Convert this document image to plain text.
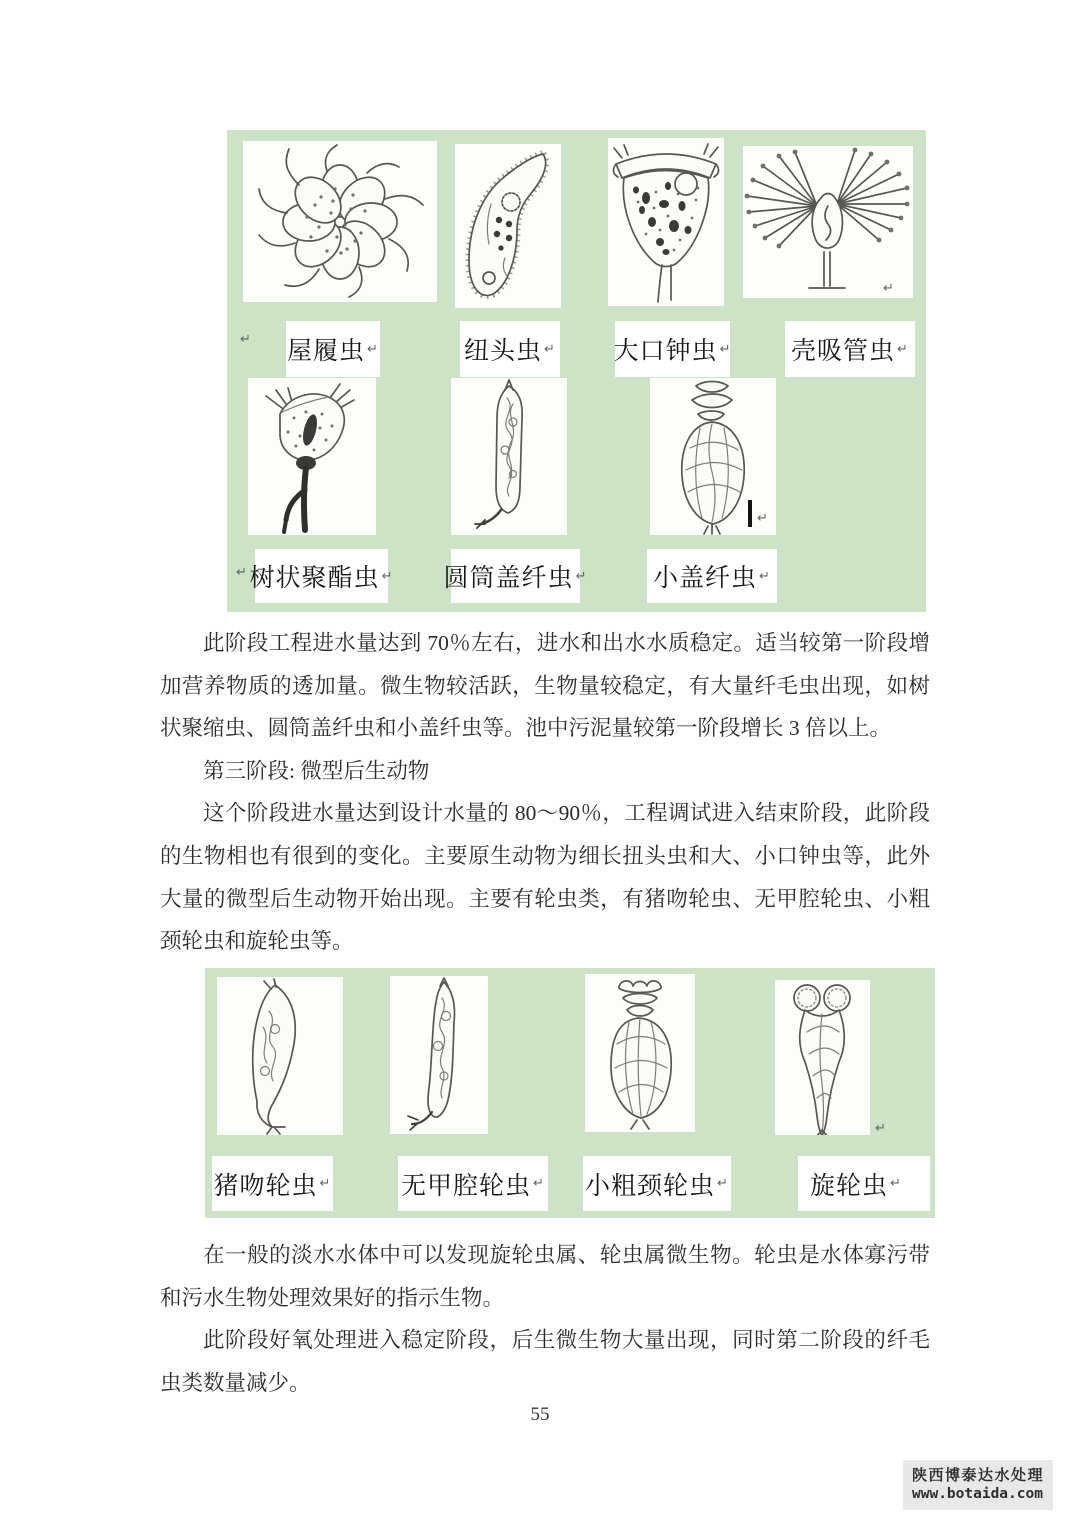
屋履虫 ↵	纽头虫 ↵ 大口钟虫 ↵ 壳吸管虫 ↵
树状聚酯虫 ↵ 圆筒盖纤虫 ↵	小盖纤虫 ↵
↵
↵
↵
↵

此阶段工程进水量达到 70％左右，进水和出水水质稳定。适当较第一阶段增加营养物质的透加量。微生物较活跃，生物量较稳定，有大量纤毛虫出现，如树状聚缩虫、圆筒盖纤虫和小盖纤虫等。池中污泥量较第一阶段增长 3 倍以上。

第三阶段: 微型后生动物

这个阶段进水量达到设计水量的 80～90％，工程调试进入结束阶段，此阶段的生物相也有很到的变化。主要原生动物为细长扭头虫和大、小口钟虫等，此外大量的微型后生动物开始出现。主要有轮虫类，有猪吻轮虫、无甲腔轮虫、小粗颈轮虫和旋轮虫等。

猪吻轮虫 ↵	无甲腔轮虫 ↵ 小粗颈轮虫 ↵	旋轮虫 ↵
↵

在一般的淡水水体中可以发现旋轮虫属、轮虫属微生物。轮虫是水体寡污带和污水生物处理效果好的指示生物。

此阶段好氧处理进入稳定阶段，后生微生物大量出现，同时第二阶段的纤毛虫类数量减少。

55
陕西博泰达水处理
www.botaida.com
